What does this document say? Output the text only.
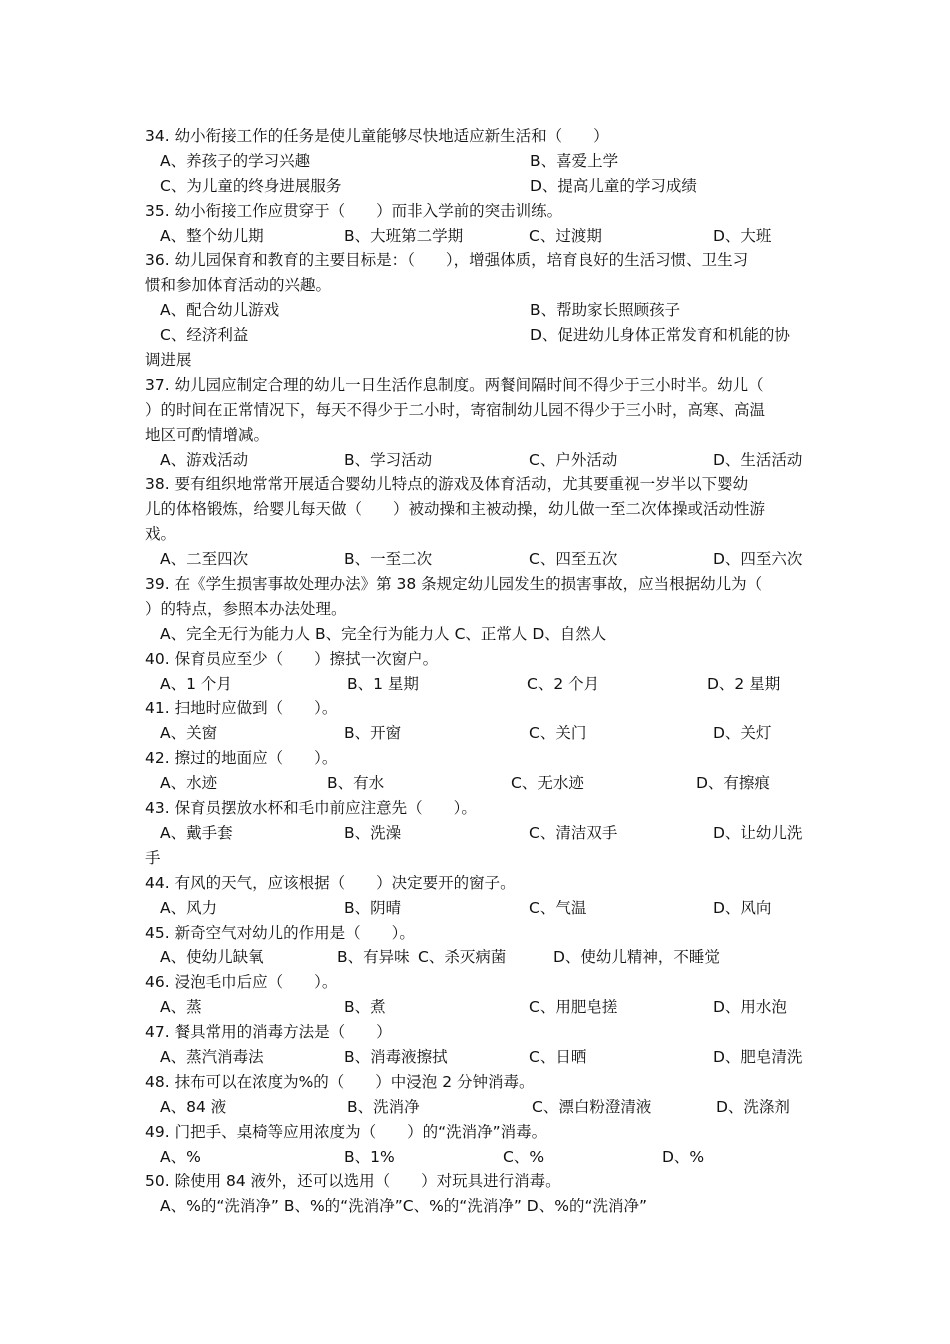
34. 幼小衔接工作的任务是使儿童能够尽快地适应新生活和（　　）
A、养孩子的学习兴趣	B、喜爱上学
C、为儿童的终身进展服务	D、提高儿童的学习成绩
35. 幼小衔接工作应贯穿于（　　）而非入学前的突击训练。
A、整个幼儿期	B、大班第二学期	C、过渡期	D、大班
36. 幼儿园保育和教育的主要目标是：（　　），增强体质，培育良好的生活习惯、卫生习
惯和参加体育活动的兴趣。
A、配合幼儿游戏	B、帮助家长照顾孩子
C、经济利益	D、促进幼儿身体正常发育和机能的协
调进展
37. 幼儿园应制定合理的幼儿一日生活作息制度。两餐间隔时间不得少于三小时半。幼儿（
）的时间在正常情况下，每天不得少于二小时，寄宿制幼儿园不得少于三小时，高寒、高温
地区可酌情增减。
A、游戏活动	B、学习活动	C、户外活动	D、生活活动
38. 要有组织地常常开展适合婴幼儿特点的游戏及体育活动，尤其要重视一岁半以下婴幼
儿的体格锻炼，给婴儿每天做（　　）被动操和主被动操，幼儿做一至二次体操或活动性游
戏。
A、二至四次	B、一至二次	C、四至五次	D、四至六次
39. 在《学生损害事故处理办法》第 38 条规定幼儿园发生的损害事故，应当根据幼儿为（
）的特点，参照本办法处理。
A、完全无行为能力人 B、完全行为能力人 C、正常人 D、自然人
40. 保育员应至少（　　）擦拭一次窗户。
A、1 个月	B、1 星期	C、2 个月	D、2 星期
41. 扫地时应做到（　　）。
A、关窗	B、开窗	C、关门	D、关灯
42. 擦过的地面应（　　）。
A、水迹	B、有水	C、无水迹	D、有擦痕
43. 保育员摆放水杯和毛巾前应注意先（　　）。
A、戴手套	B、洗澡	C、清洁双手	D、让幼儿洗
手
44. 有风的天气，应该根据（　　）决定要开的窗子。
A、风力	B、阴晴	C、气温	D、风向
45. 新奇空气对幼儿的作用是（　　）。
A、使幼儿缺氧	B、有异味 C、杀灭病菌	D、使幼儿精神，不睡觉
46. 浸泡毛巾后应（　　）。
A、蒸	B、煮	C、用肥皂搓	D、用水泡
47. 餐具常用的消毒方法是（　　）
A、蒸汽消毒法	B、消毒液擦拭	C、日晒	D、肥皂清洗
48. 抹布可以在浓度为%的（　　）中浸泡 2 分钟消毒。
A、84 液	B、洗消净	C、漂白粉澄清液	D、洗涤剂
49. 门把手、桌椅等应用浓度为（　　）的“洗消净”消毒。
A、%	B、1%	C、%	D、%
50. 除使用 84 液外，还可以选用（　　）对玩具进行消毒。
A、%的“洗消净” B、%的“洗消净”C、%的“洗消净” D、%的“洗消净”
